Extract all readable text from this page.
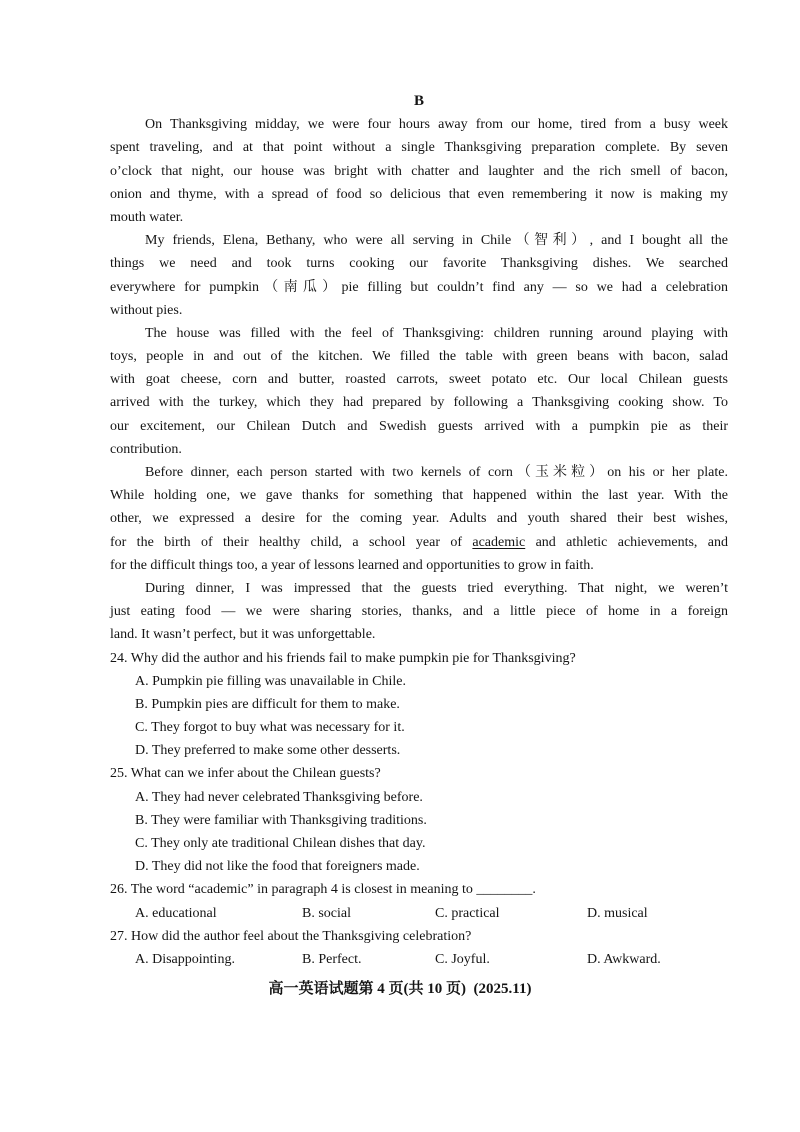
B
On Thanksgiving midday, we were four hours away from our home, tired from a busy week
spent traveling, and at that point without a single Thanksgiving preparation complete. By seven
o’clock that night, our house was bright with chatter and laughter and the rich smell of bacon,
onion and thyme, with a spread of food so delicious that even remembering it now is making my
mouth water.
My friends, Elena, Bethany, who were all serving in Chile（智利）, and I bought all the
things we need and took turns cooking our favorite Thanksgiving dishes. We searched
everywhere for pumpkin（南瓜）pie filling but couldn’t find any — so we had a celebration
without pies.
The house was filled with the feel of Thanksgiving: children running around playing with
toys, people in and out of the kitchen. We filled the table with green beans with bacon, salad
with goat cheese, corn and butter, roasted carrots, sweet potato etc. Our local Chilean guests
arrived with the turkey, which they had prepared by following a Thanksgiving cooking show. To
our excitement, our Chilean Dutch and Swedish guests arrived with a pumpkin pie as their
contribution.
Before dinner, each person started with two kernels of corn（玉米粒）on his or her plate.
While holding one, we gave thanks for something that happened within the last year. With the
other, we expressed a desire for the coming year. Adults and youth shared their best wishes,
for the birth of their healthy child, a school year of academic and athletic achievements, and
for the difficult things too, a year of lessons learned and opportunities to grow in faith.
During dinner, I was impressed that the guests tried everything. That night, we weren’t
just eating food — we were sharing stories, thanks, and a little piece of home in a foreign
land. It wasn’t perfect, but it was unforgettable.
24. Why did the author and his friends fail to make pumpkin pie for Thanksgiving?
A. Pumpkin pie filling was unavailable in Chile.
B. Pumpkin pies are difficult for them to make.
C. They forgot to buy what was necessary for it.
D. They preferred to make some other desserts.
25. What can we infer about the Chilean guests?
A. They had never celebrated Thanksgiving before.
B. They were familiar with Thanksgiving traditions.
C. They only ate traditional Chilean dishes that day.
D. They did not like the food that foreigners made.
26. The word “academic” in paragraph 4 is closest in meaning to ________.
A. educational	B. social	C. practical	D. musical
27. How did the author feel about the Thanksgiving celebration?
A. Disappointing.	B. Perfect.	C. Joyful.	D. Awkward.
高一英语试题第 4 页(共 10 页)  (2025.11)
